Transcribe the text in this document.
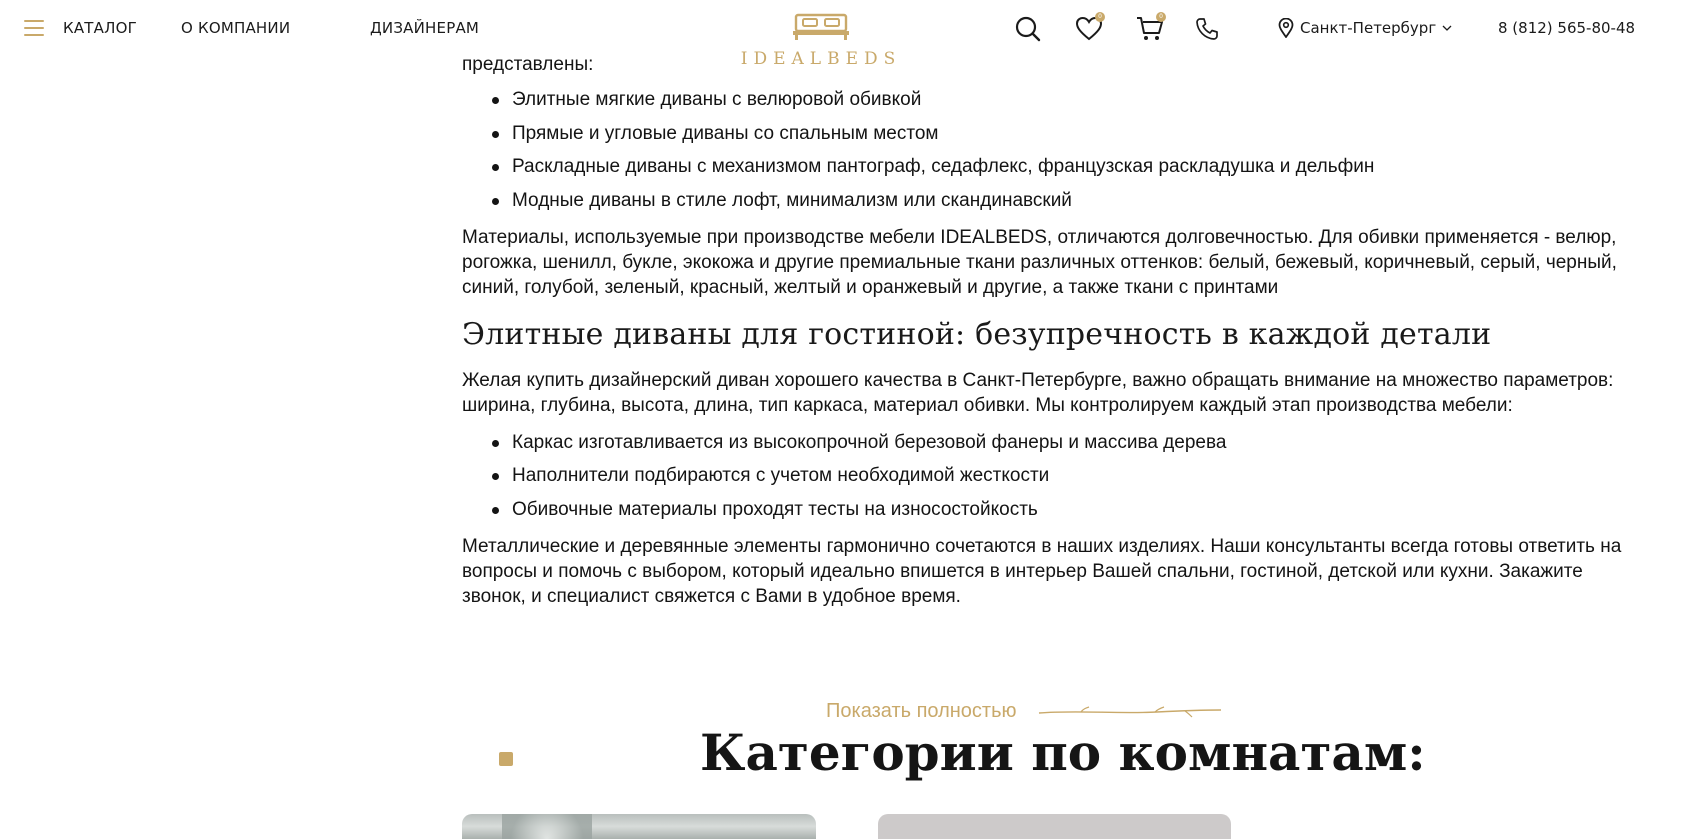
КАТАЛОГ	О КОМПАНИИ	ДИЗАЙНЕРАМ
IDEALBEDS
0	0
Санкт-Петербург	8 (812) 565-80-48

представлены:

Элитные мягкие диваны с велюровой обивкой
Прямые и угловые диваны со спальным местом
Раскладные диваны с механизмом пантограф, седафлекс, французская раскладушка и дельфин
Модные диваны в стиле лофт, минимализм или скандинавский

Материалы, используемые при производстве мебели IDEALBEDS, отличаются долговечностью. Для обивки применяется - велюр, рогожка, шенилл, букле, экокожа и другие премиальные ткани различных оттенков: белый, бежевый, коричневый, серый, черный, синий, голубой, зеленый, красный, желтый и оранжевый и другие, а также ткани с принтами

Элитные диваны для гостиной: безупречность в каждой детали

Желая купить дизайнерский диван хорошего качества в Санкт-Петербурге, важно обращать внимание на множество параметров: ширина, глубина, высота, длина, тип каркаса, материал обивки. Мы контролируем каждый этап производства мебели:

Каркас изготавливается из высокопрочной березовой фанеры и массива дерева
Наполнители подбираются с учетом необходимой жесткости
Обивочные материалы проходят тесты на износостойкость

Металлические и деревянные элементы гармонично сочетаются в наших изделиях. Наши консультанты всегда готовы ответить на вопросы и помочь с выбором, который идеально впишется в интерьер Вашей спальни, гостиной, детской или кухни. Закажите звонок, и специалист свяжется с Вами в удобное время.

Показать полностью
Категории по комнатам:
